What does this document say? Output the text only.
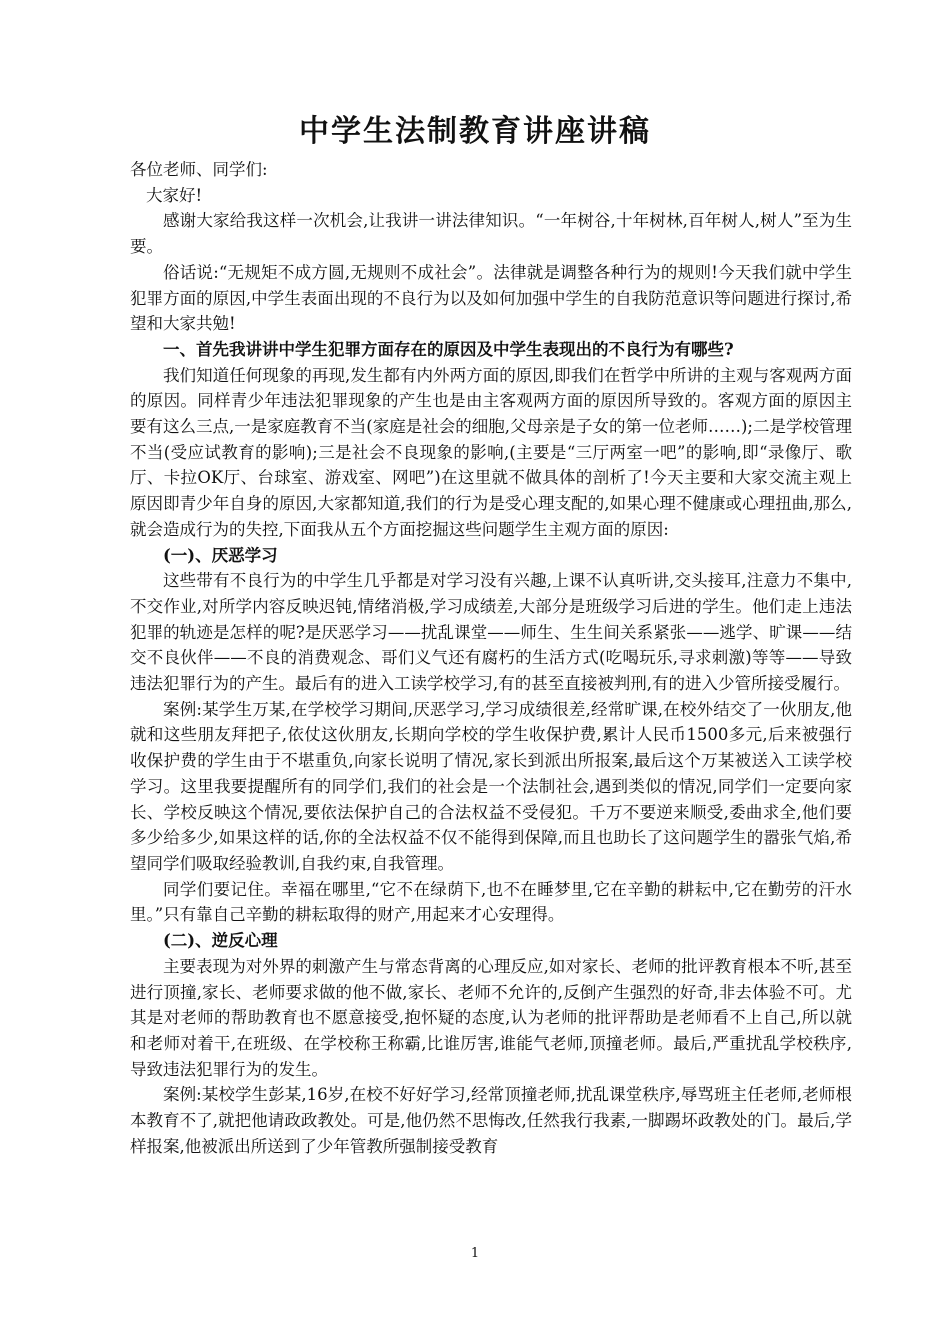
中学生法制教育讲座讲稿

各位老师、同学们:

大家好!

感谢大家给我这样一次机会,让我讲一讲法律知识。“一年树谷,十年树林,百年树人,树人”至为生要。

俗话说:“无规矩不成方圆,无规则不成社会”。法律就是调整各种行为的规则!今天我们就中学生犯罪方面的原因,中学生表面出现的不良行为以及如何加强中学生的自我防范意识等问题进行探讨,希望和大家共勉!

一、首先我讲讲中学生犯罪方面存在的原因及中学生表现出的不良行为有哪些?

我们知道任何现象的再现,发生都有内外两方面的原因,即我们在哲学中所讲的主观与客观两方面的原因。同样青少年违法犯罪现象的产生也是由主客观两方面的原因所导致的。客观方面的原因主要有这么三点,一是家庭教育不当(家庭是社会的细胞,父母亲是子女的第一位老师……);二是学校管理不当(受应试教育的影响);三是社会不良现象的影响,(主要是“三厅两室一吧”的影响,即“录像厅、歌厅、卡拉OK厅、台球室、游戏室、网吧”)在这里就不做具体的剖析了!今天主要和大家交流主观上原因即青少年自身的原因,大家都知道,我们的行为是受心理支配的,如果心理不健康或心理扭曲,那么,就会造成行为的失控,下面我从五个方面挖掘这些问题学生主观方面的原因:

(一)、厌恶学习

这些带有不良行为的中学生几乎都是对学习没有兴趣,上课不认真听讲,交头接耳,注意力不集中,不交作业,对所学内容反映迟钝,情绪消极,学习成绩差,大部分是班级学习后进的学生。他们走上违法犯罪的轨迹是怎样的呢?是厌恶学习——扰乱课堂——师生、生生间关系紧张——逃学、旷课——结交不良伙伴——不良的消费观念、哥们义气还有腐朽的生活方式(吃喝玩乐,寻求刺激)等等——导致违法犯罪行为的产生。最后有的进入工读学校学习,有的甚至直接被判刑,有的进入少管所接受履行。

案例:某学生万某,在学校学习期间,厌恶学习,学习成绩很差,经常旷课,在校外结交了一伙朋友,他就和这些朋友拜把子,依仗这伙朋友,长期向学校的学生收保护费,累计人民币1500多元,后来被强行收保护费的学生由于不堪重负,向家长说明了情况,家长到派出所报案,最后这个万某被送入工读学校学习。这里我要提醒所有的同学们,我们的社会是一个法制社会,遇到类似的情况,同学们一定要向家长、学校反映这个情况,要依法保护自己的合法权益不受侵犯。千万不要逆来顺受,委曲求全,他们要多少给多少,如果这样的话,你的全法权益不仅不能得到保障,而且也助长了这问题学生的嚣张气焰,希望同学们吸取经验教训,自我约束,自我管理。

同学们要记住。幸福在哪里,“它不在绿荫下,也不在睡梦里,它在辛勤的耕耘中,它在勤劳的汗水里。”只有靠自己辛勤的耕耘取得的财产,用起来才心安理得。

(二)、逆反心理

主要表现为对外界的刺激产生与常态背离的心理反应,如对家长、老师的批评教育根本不听,甚至进行顶撞,家长、老师要求做的他不做,家长、老师不允许的,反倒产生强烈的好奇,非去体验不可。尤其是对老师的帮助教育也不愿意接受,抱怀疑的态度,认为老师的批评帮助是老师看不上自己,所以就和老师对着干,在班级、在学校称王称霸,比谁厉害,谁能气老师,顶撞老师。最后,严重扰乱学校秩序,导致违法犯罪行为的发生。

案例:某校学生彭某,16岁,在校不好好学习,经常顶撞老师,扰乱课堂秩序,辱骂班主任老师,老师根本教育不了,就把他请政政教处。可是,他仍然不思悔改,任然我行我素,一脚踢坏政教处的门。最后,学样报案,他被派出所送到了少年管教所强制接受教育

1
